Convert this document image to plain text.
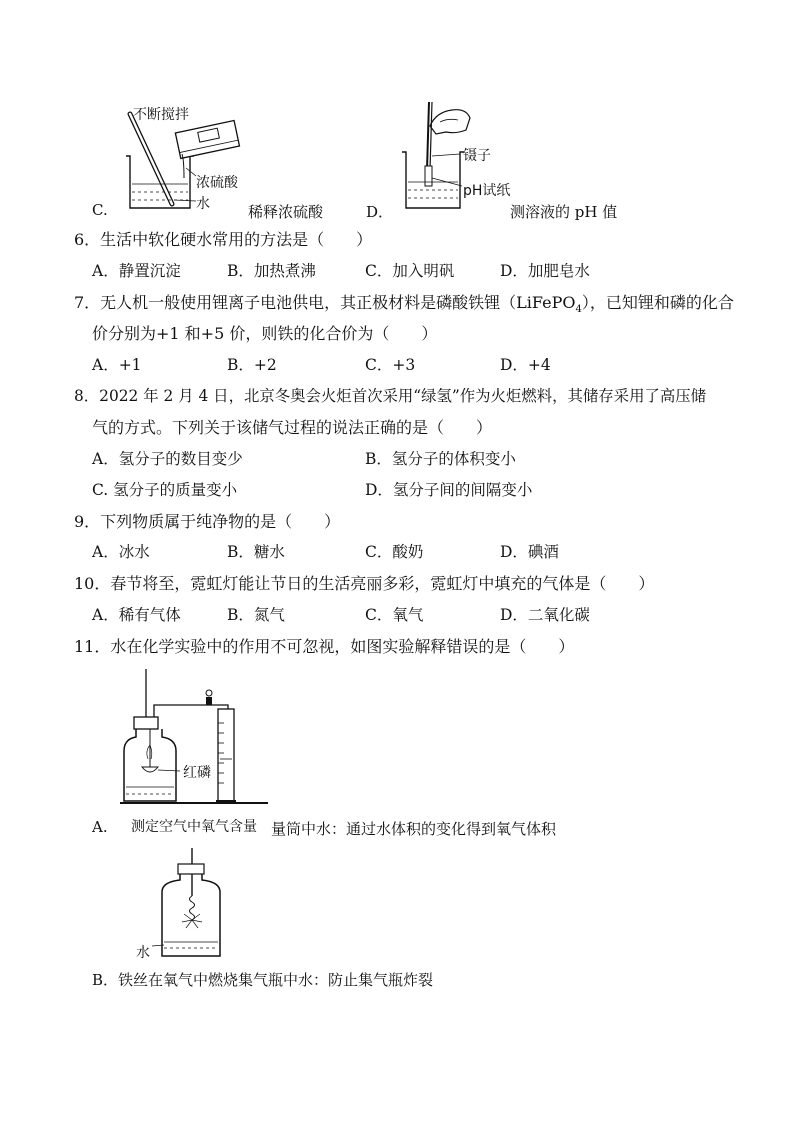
不断搅拌
浓硫酸
水
C.	稀释浓硫酸
镊子
pH试纸
D．	测溶液的 pH 值
6．生活中软化硬水常用的方法是（　　）
A．静置沉淀	B．加热煮沸	C．加入明矾	D．加肥皂水
7．无人机一般使用锂离子电池供电，其正极材料是磷酸铁锂（LiFePO$_4$），已知锂和磷的化合
价分别为+1 和+5 价，则铁的化合价为（　　）
A．+1	B．+2	C．+3	D．+4
8．2022 年 2 月 4 日，北京冬奥会火炬首次采用“绿氢”作为火炬燃料，其储存采用了高压储
气的方式。下列关于该储气过程的说法正确的是（　　）
A．氢分子的数目变少	B．氢分子的体积变小
C. 氢分子的质量变小	D．氢分子间的间隔变小
9．下列物质属于纯净物的是（　　）
A．冰水	B．糖水	C．酸奶	D．碘酒
10．春节将至，霓虹灯能让节日的生活亮丽多彩，霓虹灯中填充的气体是（　　）
A．稀有气体	B．氮气	C．氧气	D．二氧化碳
11．水在化学实验中的作用不可忽视，如图实验解释错误的是（　　）
红磷
A. 测定空气中氧气含量 量筒中水：通过水体积的变化得到氧气体积
水
B．铁丝在氧气中燃烧集气瓶中水：防止集气瓶炸裂
